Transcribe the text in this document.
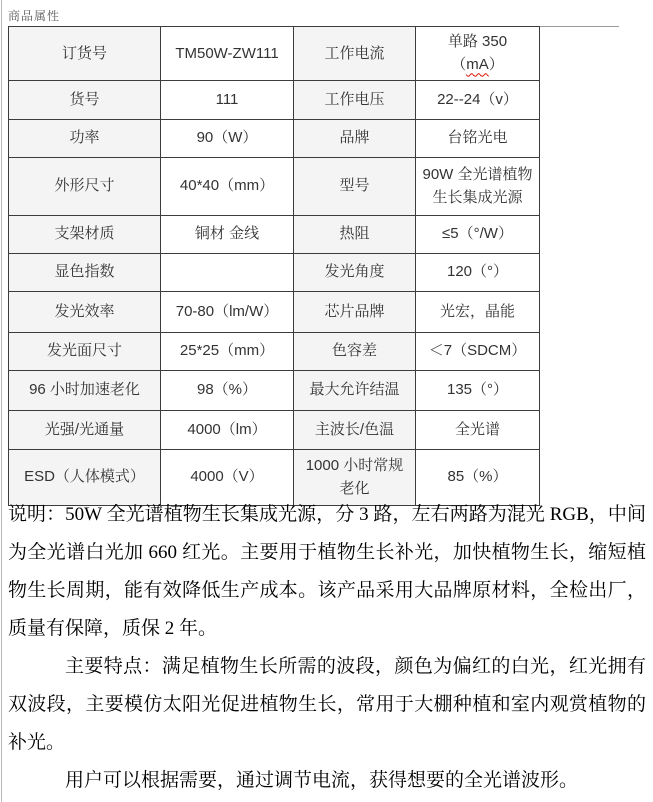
商品属性
订货号	TM50W-ZW111	工作电流	单路 350（mA）
货号	111	工作电压	22--24（v）
功率	90（W）	品牌	台铭光电
外形尺寸	40*40（mm）	型号	90W 全光谱植物生长集成光源
支架材质	铜材 金线	热阻	≤5（°/W）
显色指数		发光角度	120（°）
发光效率	70-80（lm/W）	芯片品牌	光宏，晶能
发光面尺寸	25*25（mm）	色容差	＜7（SDCM）
96 小时加速老化	98（%）	最大允许结温	135（°）
光强/光通量	4000（lm）	主波长/色温	全光谱
ESD（人体模式）	4000（V）	1000 小时常规老化	85（%）

说明：50W 全光谱植物生长集成光源，分 3 路，左右两路为混光 RGB，中间为全光谱白光加 660 红光。主要用于植物生长补光，加快植物生长，缩短植物生长周期，能有效降低生产成本。该产品采用大品牌原材料，全检出厂，质量有保障，质保 2 年。

主要特点：满足植物生长所需的波段，颜色为偏红的白光，红光拥有双波段，主要模仿太阳光促进植物生长，常用于大棚种植和室内观赏植物的补光。

用户可以根据需要，通过调节电流，获得想要的全光谱波形。
